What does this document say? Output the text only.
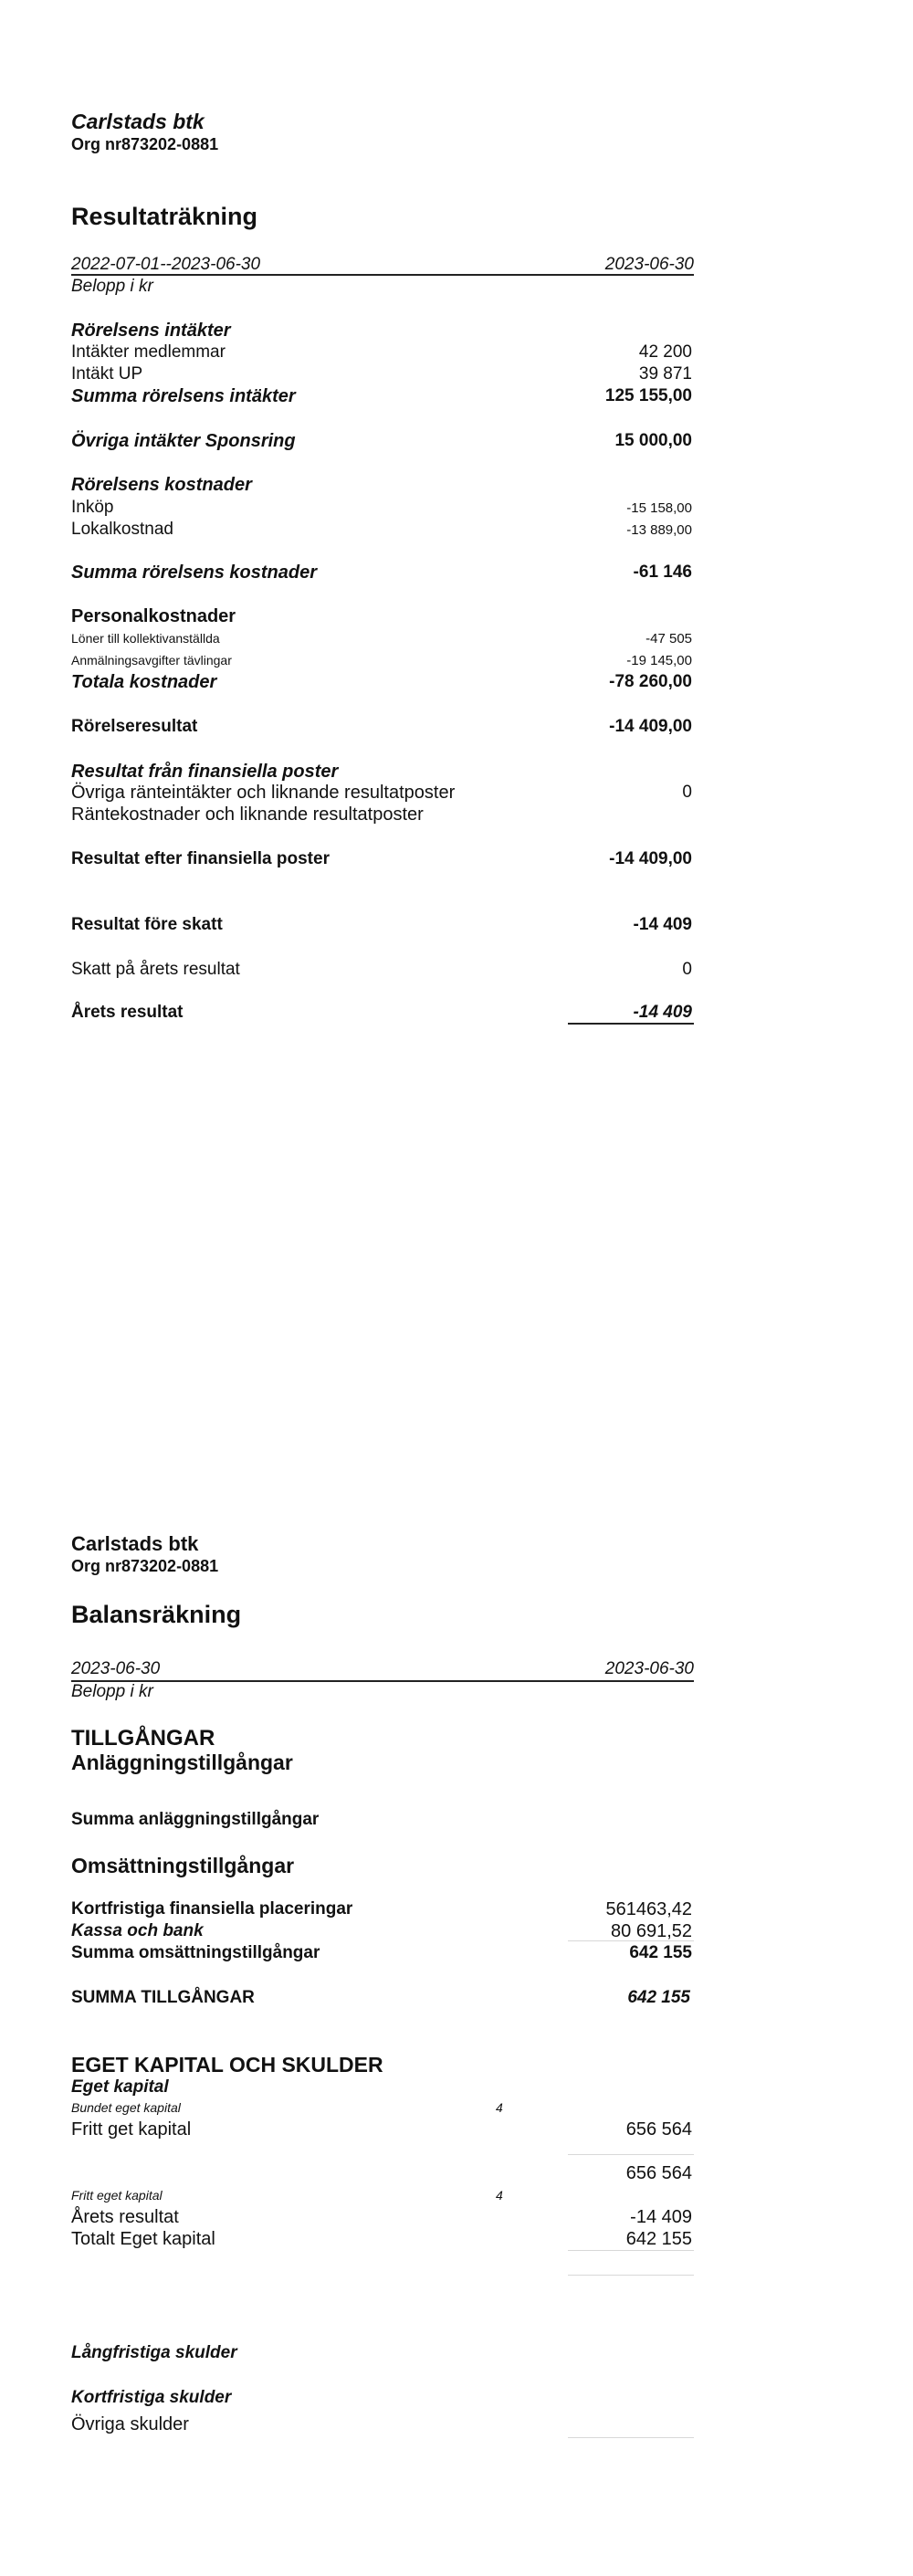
Carlstads btk
Org nr873202-0881
Resultaträkning
2022-07-01--2023-06-30	2023-06-30
Belopp i kr
Rörelsens intäkter
Intäkter medlemmar	42 200
Intäkt UP	39 871
Summa rörelsens intäkter	125 155,00
Övriga intäkter Sponsring	15 000,00
Rörelsens kostnader
Inköp	-15 158,00
Lokalkostnad	-13 889,00
Summa rörelsens kostnader	-61 146
Personalkostnader
Löner till kollektivanställda	-47 505
Anmälningsavgifter tävlingar	-19 145,00
Totala kostnader	-78 260,00
Rörelseresultat	-14 409,00
Resultat från finansiella poster
Övriga ränteintäkter och liknande resultatposter	0
Räntekostnader och liknande resultatposter
Resultat efter finansiella poster	-14 409,00
Resultat före skatt	-14 409
Skatt på årets resultat	0
Årets resultat	-14 409
Carlstads btk
Org nr873202-0881
Balansräkning
2023-06-30	2023-06-30
Belopp i kr
TILLGÅNGAR
Anläggningstillgångar
Summa anläggningstillgångar
Omsättningstillgångar
Kortfristiga finansiella placeringar	561463,42
Kassa och bank	80 691,52
Summa omsättningstillgångar	642 155
SUMMA TILLGÅNGAR	642 155
EGET KAPITAL OCH SKULDER
Eget kapital
Bundet eget kapital	4
Fritt get kapital	656 564
656 564
Fritt eget kapital	4
Årets resultat	-14 409
Totalt Eget kapital	642 155
Långfristiga skulder
Kortfristiga skulder
Övriga skulder
